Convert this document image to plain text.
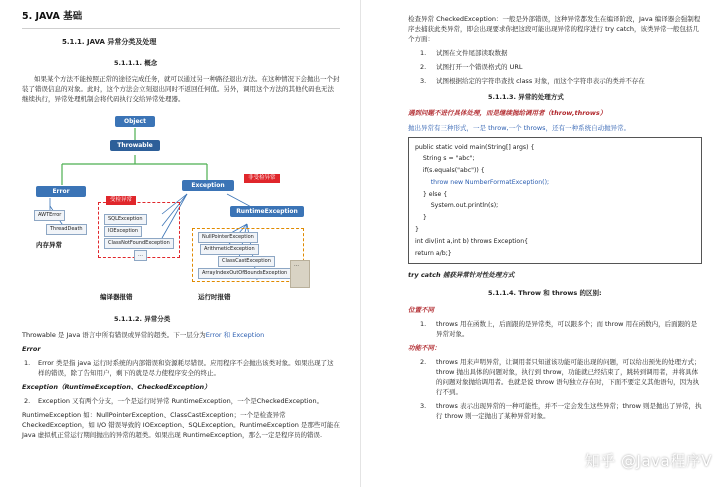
5. JAVA 基础
5.1.1. JAVA 异常分类及处理
5.1.1.1. 概念

如果某个方法不能按照正常的途径完成任务，就可以通过另一种路径退出方法。在这种情况下会抛出一个封装了错误信息的对象。此时，这个方法会立刻退出同时不返回任何值。另外，调用这个方法的其他代码也无法继续执行，异常处理机制会将代码执行交给异常处理器。

Object
Throwable
Error
Exception
AWTError
ThreadDeath
受检异常
SQLException
IOException
ClassNotFoundException
…
非受检异常
RuntimeException
NullPointerException
ArithmeticException
ClassCastException
ArrayIndexOutOfBoundsException
…
内存异常
编译器报错	运行时报错
5.1.1.2. 异常分类

Throwable 是 Java 语言中所有错误或异常的超类。下一层分为Error 和 Exception

Error

1. Error 类是指 java 运行时系统的内部错误和资源耗尽错误。应用程序不会抛出该类对象。如果出现了这样的错误，除了告知用户，剩下的就是尽力使程序安全的终止。

Exception（RuntimeException、CheckedException）

2. Exception 又有两个分支，一个是运行时异常 RuntimeException，一个是CheckedException。

RuntimeException 如：NullPointerException、ClassCastException；一个是检查异常 CheckedException，如 I/O 错误导致的 IOException、SQLException。RuntimeException 是那些可能在 Java 虚拟机正常运行期间抛出的异常的超类。如果出现 RuntimeException，那么一定是程序员的错误.

检查异常 CheckedException：一般是外部错误，这种异常都发生在编译阶段，Java 编译器会强制程序去捕获此类异常，即会出现要求你把这段可能出现异常的程序进行 try catch，该类异常一般包括几个方面：

1. 试图在文件尾部读取数据
2. 试图打开一个错误格式的 URL
3. 试图根据给定的字符串查找 class 对象，而这个字符串表示的类并不存在
5.1.1.3. 异常的处理方式

遇到问题不进行具体处理，而是继续抛给调用者（throw,throws）

抛出异常有三种形式，一是 throw,一个 throws，还有一种系统自动抛异常。

public static void main(String[] args) {
String s = "abc";
if(s.equals("abc")) {
throw new NumberFormatException();
} else {
System.out.println(s);
}
}
int div(int a,int b) throws Exception{
return a/b;}

try catch 捕获异常针对性处理方式

5.1.1.4. Throw 和 throws 的区别:

位置不同

1. throws 用在函数上，后面跟的是异常类，可以跟多个；而 throw 用在函数内，后面跟的是异常对象。

功能不同：

2. throws 用来声明异常，让调用者只知道该功能可能出现的问题，可以给出预先的处理方式；throw 抛出具体的问题对象，执行到 throw，功能就已经结束了，跳转到调用者，并将具体的问题对象抛给调用者。也就是说 throw 语句独立存在时，下面不要定义其他语句，因为执行不到。
3. throws 表示出现异常的一种可能性，并不一定会发生这些异常；throw 则是抛出了异常，执行 throw 则一定抛出了某种异常对象。
知乎 @Java程序V
